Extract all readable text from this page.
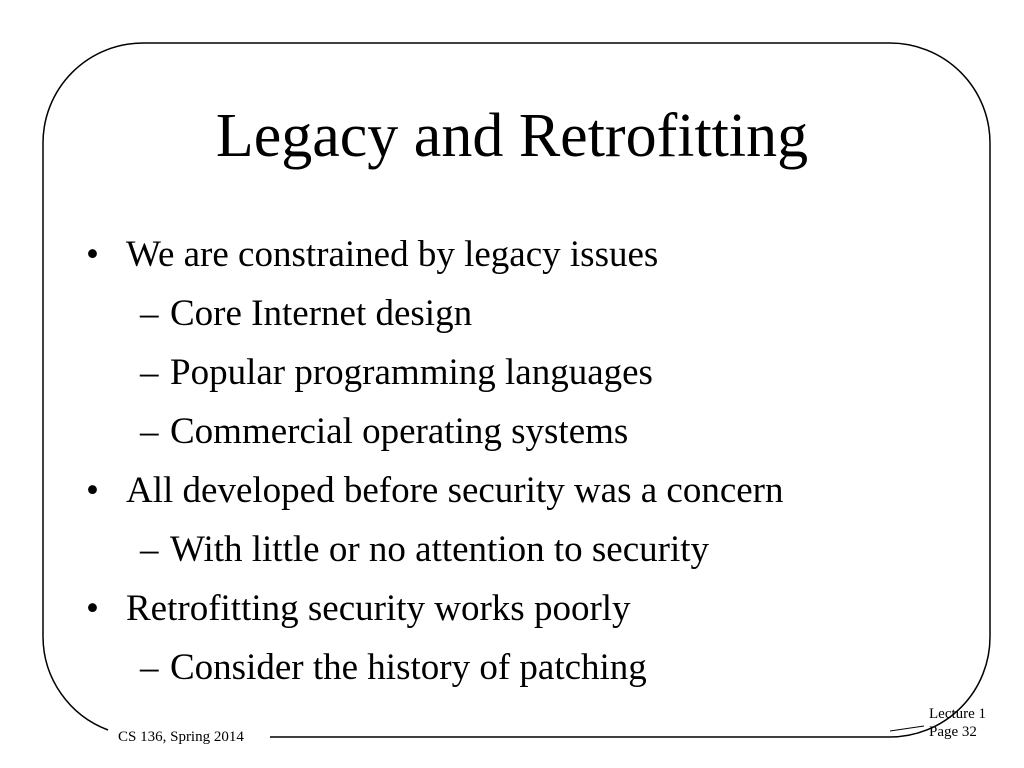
Legacy and Retrofitting
• We are constrained by legacy issues
– Core Internet design
– Popular programming languages
– Commercial operating systems
• All developed before security was a concern
– With little or no attention to security
• Retrofitting security works poorly
– Consider the history of patching
CS 136, Spring 2014
Lecture 1
Page 32
